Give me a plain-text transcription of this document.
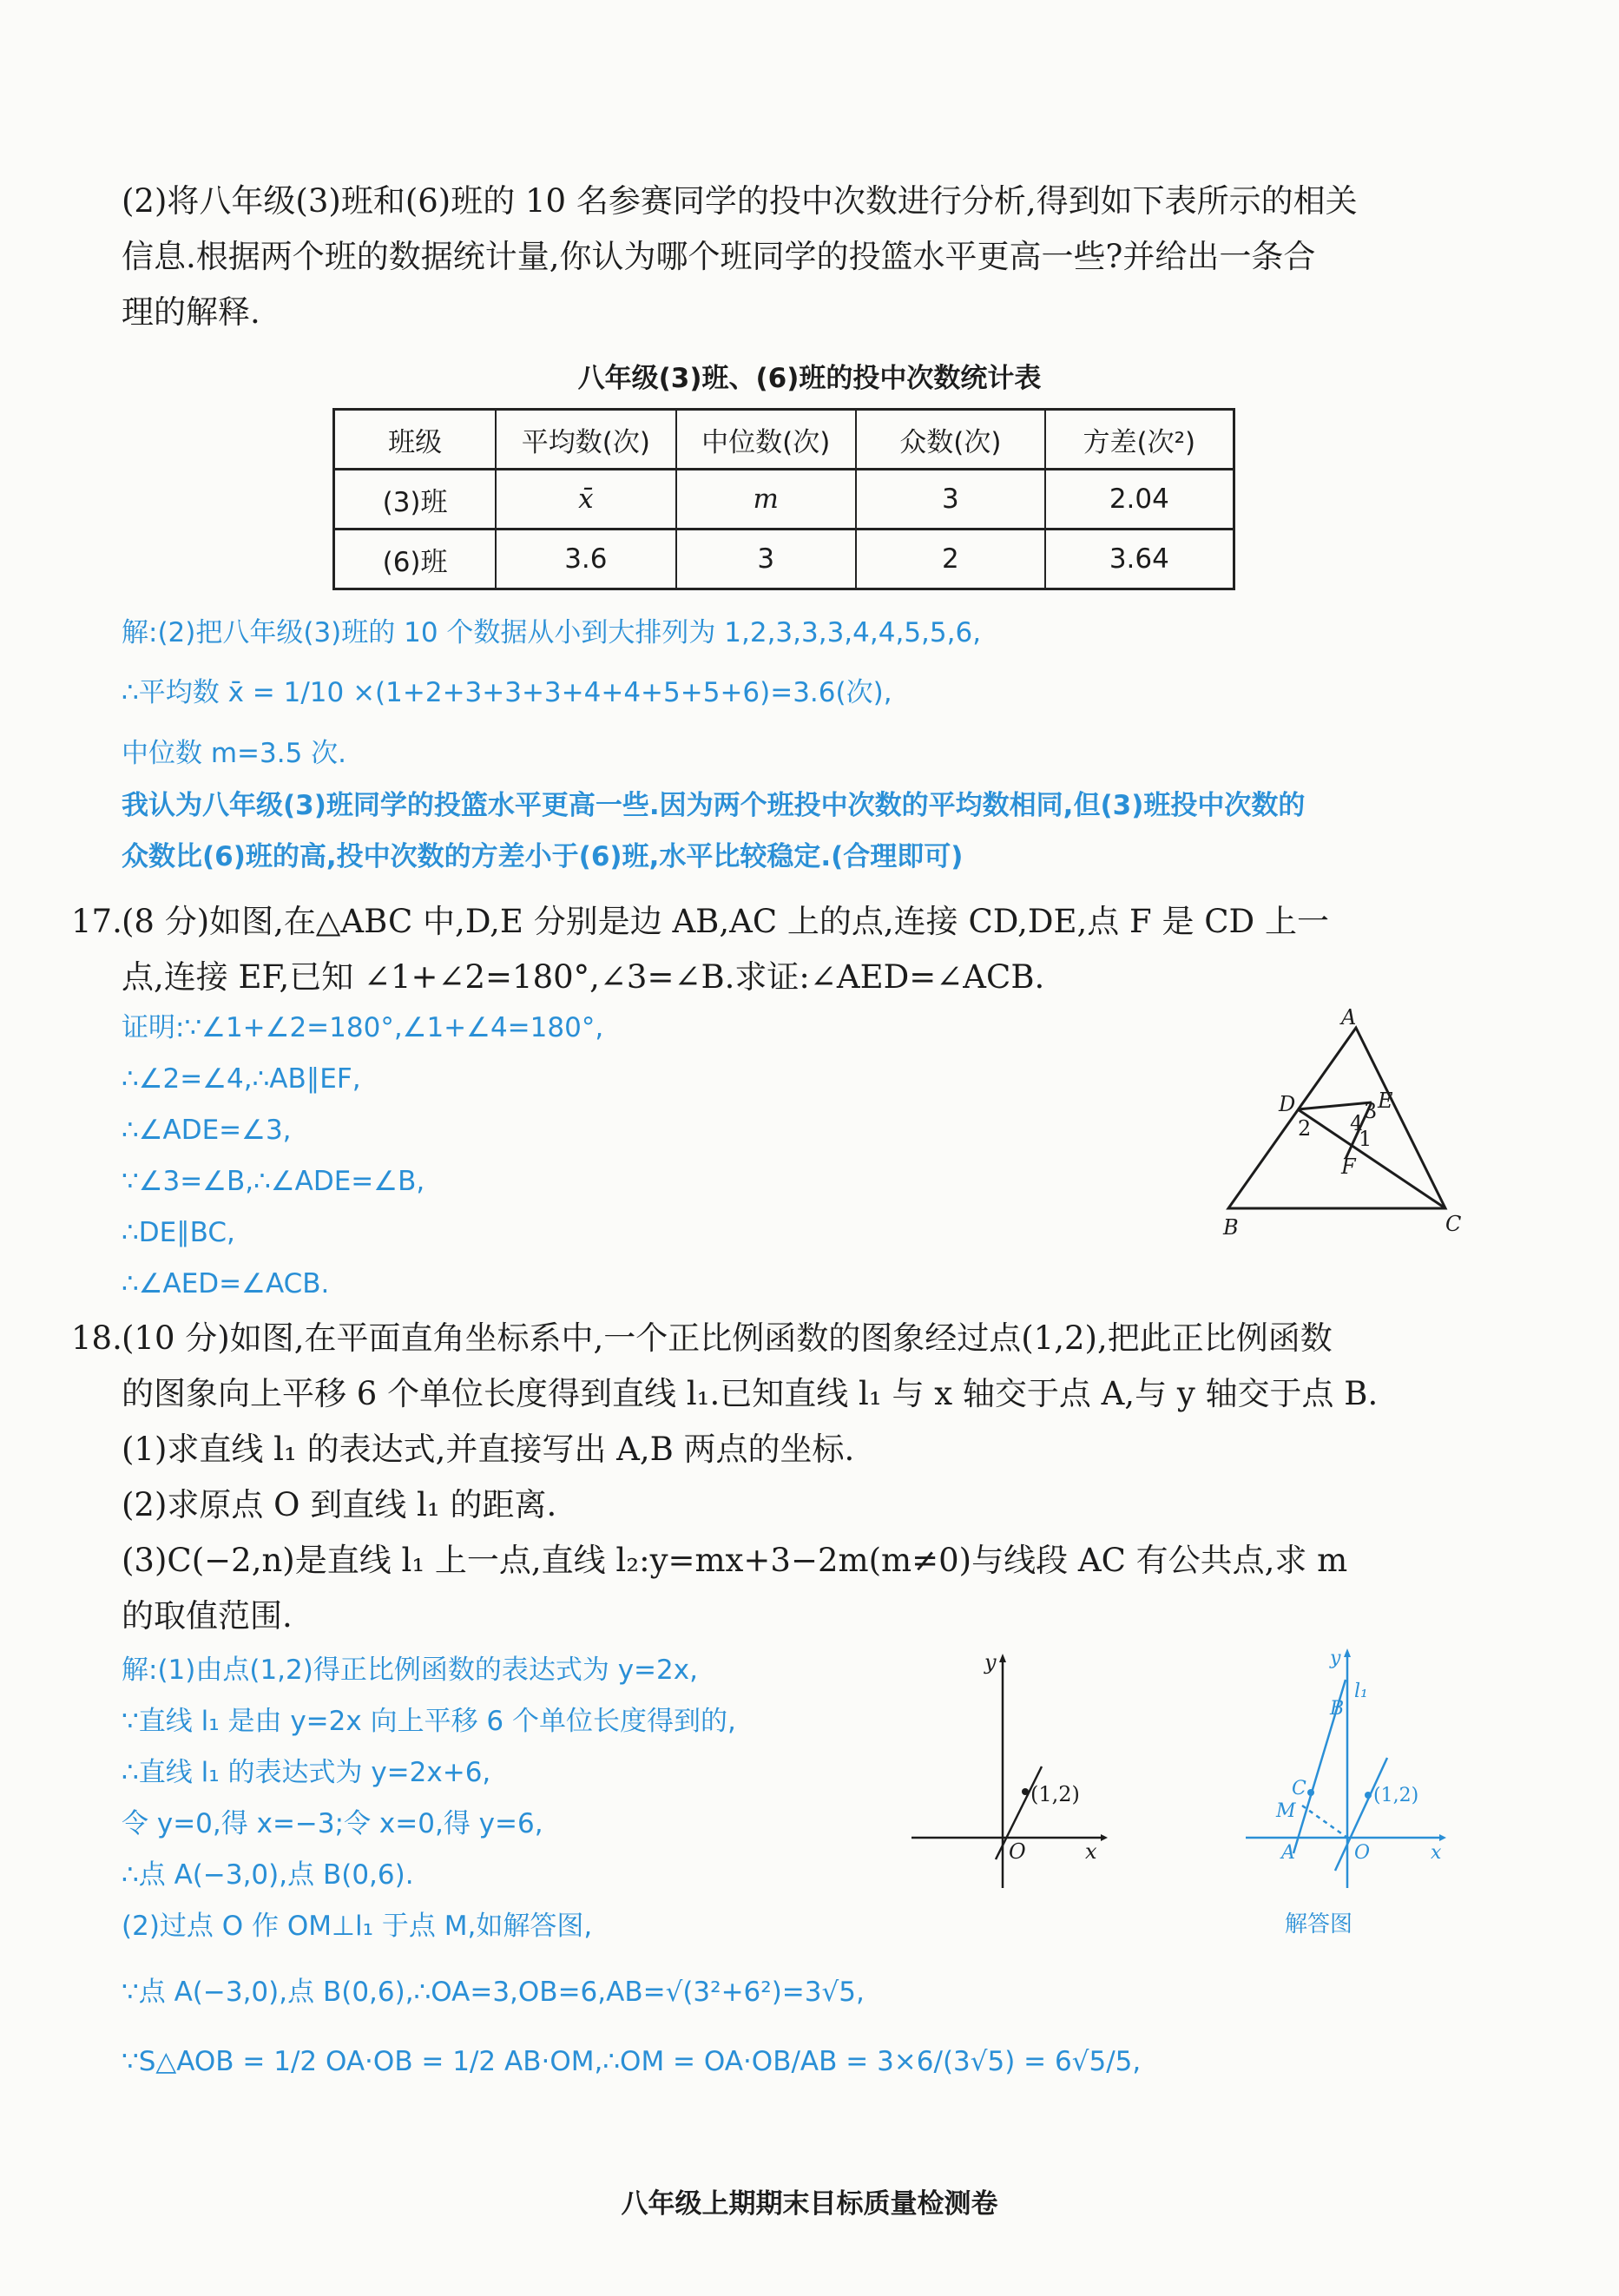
(2)将八年级(3)班和(6)班的 10 名参赛同学的投中次数进行分析,得到如下表所示的相关
信息.根据两个班的数据统计量,你认为哪个班同学的投篮水平更高一些?并给出一条合
理的解释.

八年级(3)班、(6)班的投中次数统计表
班级	平均数(次)	中位数(次)	众数(次)	方差(次²)
(3)班	x̄	m	3	2.04
(6)班	3.6	3	2	3.64

解:(2)把八年级(3)班的 10 个数据从小到大排列为 1,2,3,3,3,4,4,5,5,6,
∴平均数 x̄ = 1/10 ×(1+2+3+3+3+4+4+5+5+6)=3.6(次),
中位数 m=3.5 次.
我认为八年级(3)班同学的投篮水平更高一些.因为两个班投中次数的平均数相同,但(3)班投中次数的
众数比(6)班的高,投中次数的方差小于(6)班,水平比较稳定.(合理即可)

17. (8 分)如图,在△ABC 中,D,E 分别是边 AB,AC 上的点,连接 CD,DE,点 F 是 CD 上一
点,连接 EF,已知 ∠1+∠2=180°,∠3=∠B.求证:∠AED=∠ACB.

证明:∵∠1+∠2=180°,∠1+∠4=180°,
∴∠2=∠4,∴AB∥EF,
∴∠ADE=∠3,
∵∠3=∠B,∴∠ADE=∠B,
∴DE∥BC,
∴∠AED=∠ACB.

A
D	E
2 4 3
1
F
B	C
18. (10 分)如图,在平面直角坐标系中,一个正比例函数的图象经过点(1,2),把此正比例函数
的图象向上平移 6 个单位长度得到直线 l₁.已知直线 l₁ 与 x 轴交于点 A,与 y 轴交于点 B.
(1)求直线 l₁ 的表达式,并直接写出 A,B 两点的坐标.
(2)求原点 O 到直线 l₁ 的距离.
(3)C(−2,n)是直线 l₁ 上一点,直线 l₂:y=mx+3−2m(m≠0)与线段 AC 有公共点,求 m
的取值范围.

解:(1)由点(1,2)得正比例函数的表达式为 y=2x,
∵直线 l₁ 是由 y=2x 向上平移 6 个单位长度得到的,
∴直线 l₁ 的表达式为 y=2x+6,
令 y=0,得 x=−3;令 x=0,得 y=6,
∴点 A(−3,0),点 B(0,6).
(2)过点 O 作 OM⊥l₁ 于点 M,如解答图,

∵点 A(−3,0),点 B(0,6),∴OA=3,OB=6,AB=√(3²+6²)=3√5,
∵S△AOB = 1/2 OA·OB = 1/2 AB·OM,∴OM = OA·OB/AB = 3×6/(3√5) = 6√5/5,

y
(1,2)
O	x
y
B
l₁
C
M
(1,2)
A	O	x
解答图
八年级上期期末目标质量检测卷
